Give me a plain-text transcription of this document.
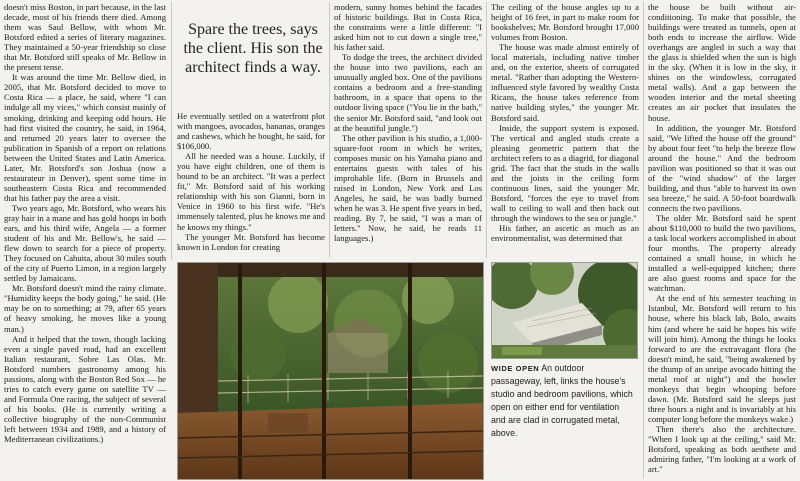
doesn't miss Boston, in part because, in the last decade, most of his friends there died. Among them was Saul Bellow, with whom Mr. Botsford edited a series of literary magazines. They maintained a 50-year friendship so close that Mr. Botsford still speaks of Mr. Bellow in the present tense.

It was around the time Mr. Bellow died, in 2005, that Mr. Botsford decided to move to Costa Rica — a place, he said, where "I can indulge all my vices," which consist mainly of smoking, drinking and keeping odd hours. He had first visited the country, he said, in 1964, and returned 20 years later to oversee the publication in Spanish of a report on relations between the United States and Latin America. Later, Mr. Botsford's son Joshua (now a restaurateur in Denver), spent some time in southeastern Costa Rica and recommended that his father pay the area a visit.

Two years ago, Mr. Botsford, who wears his gray hair in a mane and has gold hoops in both ears, and his third wife, Angela — a former student of his and Mr. Bellow's, he said — flew down to search for a piece of property. They focused on Cahuita, about 30 miles south of the city of Puerto Limon, in a region largely settled by Jamaicans.

Mr. Botsford doesn't mind the rainy climate. "Humidity keeps the body going," he said. (He may be on to something; at 79, after 65 years of heavy smoking, he moves like a young man.)

And it helped that the town, though lacking even a single paved road, had an excellent Italian restaurant, Sobre Las Olas. Mr. Botsford numbers gastronomy among his passions, along with the Boston Red Sox — he tries to catch every game on satellite TV — and Formula One racing, the subject of several of his books. (He is currently writing a collective biography of the non-Communist left between 1934 and 1989, and a history of Mediterranean civilizations.)

Spare the trees, says the client. His son the architect finds a way.

He eventually settled on a waterfront plot with mangoes, avocados, bananas, oranges and cashews, which he bought, he said, for $106,000.

All he needed was a house. Luckily, if you have eight children, one of them is bound to be an architect. "It was a perfect fit," Mr. Botsford said of his working relationship with his son Gianni, born in Venice in 1960 to his first wife. "He's immensely talented, plus he knows me and he knows my things."

The younger Mr. Botsford has become known in London for creating

modern, sunny homes behind the facades of historic buildings. But in Costa Rica, the constraints were a little different: "I asked him not to cut down a single tree," his father said.

To dodge the trees, the architect divided the house into two pavilions, each an unusually angled box. One of the pavilions contains a bedroom and a free-standing bathroom, in a space that opens to the outdoor living space ("You lie in the bath," the senior Mr. Botsford said, "and look out at the beautiful jungle.")

The other pavilion is his studio, a 1,000-square-foot room in which he writes, composes music on his Yamaha piano and entertains guests with tales of his improbable life. (Born in Brussels and raised in London, New York and Los Angeles, he said, he was badly burned when he was 3. He spent five years in bed, reading. By 7, he said, "I was a man of letters." Now, he said, he reads 11 languages.)

The ceiling of the house angles up to a height of 16 feet, in part to make room for bookshelves; Mr. Botsford brought 17,000 volumes from Boston.

The house was made almost entirely of local materials, including native timber and, on the exterior, sheets of corrugated metal. "Rather than adopting the Western-influenced style favored by wealthy Costa Ricans, the house takes reference from native building styles," the younger Mr. Botsford said.

Inside, the support system is exposed. The vertical and angled studs create a pleasing geometric pattern that the architect refers to as a diagrid, for diagonal grid. The fact that the studs in the walls and the joists in the ceiling form continuous lines, said the younger Mr. Botsford, "forces the eye to travel from wall to ceiling to wall and then back out through the windows to the sea or jungle."

His father, an ascetic as much as an environmentalist, was determined that

the house be built without air-conditioning. To make that possible, the buildings were treated as tunnels, open at both ends to increase the airflow. Wide overhangs are angled in such a way that the glass is shielded when the sun is high in the sky. (When it is low in the sky, it shines on the windowless, corrugated metal walls). And a gap between the wooden interior and the metal sheeting creates an air pocket that insulates the house.

In addition, the younger Mr. Botsford said, "We lifted the house off the ground" by about four feet "to help the breeze flow around the house." And the bedroom pavilion was positioned so that it was out of the "wind shadow" of the larger building, and thus "able to harvest its own sea breeze," he said. A 50-foot boardwalk connects the two pavilions.

The older Mr. Botsford said he spent about $110,000 to build the two pavilions, a task local workers accomplished in about four months. The property already contained a small house, in which he installed a well-equipped kitchen; there are also guest rooms and space for the watchman.

At the end of his semester teaching in Istanbul, Mr. Botsford will return to his house, where his black lab, Bolo, awaits him (and where he said he hopes his wife will join him). Among the things he looks forward to are the extravagant flora (he doesn't mind, he said, "being awakened by the thump of an unripe avocado hitting the metal roof at night") and the howler monkeys that begin whooping before dawn. (Mr. Botsford said he sleeps just three hours a night and is invariably at his computer long before the monkeys wake.)

Then there's also the architecture. "When I look up at the ceiling," said Mr. Botsford, speaking as both aesthete and admiring father, "I'm looking at a work of art."

WIDE OPEN An outdoor passageway, left, links the house's studio and bedroom pavilions, which open on either end for ventilation and are clad in corrugated metal, above.
